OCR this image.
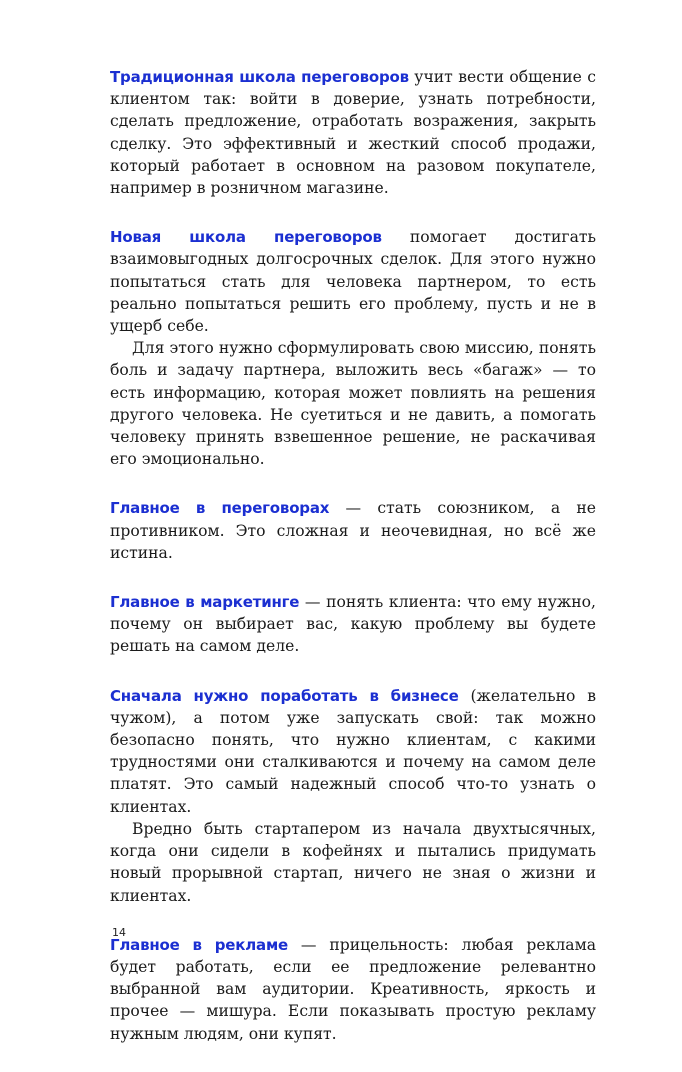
Традиционная школа переговоров учит вести общение с клиентом так: войти в доверие, узнать потребности, сделать предложение, отработать возражения, закрыть сделку. Это эффективный и жесткий способ продажи, который работает в основном на разовом покупателе, например в розничном магазине.

Новая школа переговоров помогает достигать взаимовыгодных долгосрочных сделок. Для этого нужно попытаться стать для человека партнером, то есть реально попытаться решить его проблему, пусть и не в ущерб себе.

Для этого нужно сформулировать свою миссию, понять боль и задачу партнера, выложить весь «багаж» — то есть информацию, которая может повлиять на решения другого человека. Не суетиться и не давить, а помогать человеку принять взвешенное решение, не раскачивая его эмоционально.

Главное в переговорах — стать союзником, а не противником. Это сложная и неочевидная, но всё же истина.

Главное в маркетинге — понять клиента: что ему нужно, почему он выбирает вас, какую проблему вы будете решать на самом деле.

Сначала нужно поработать в бизнесе (желательно в чужом), а потом уже запускать свой: так можно безопасно понять, что нужно клиентам, с какими трудностями они сталкиваются и почему на самом деле платят. Это самый надежный способ что-то узнать о клиентах.

Вредно быть стартапером из начала двухтысячных, когда они сидели в кофейнях и пытались придумать новый прорывной стартап, ничего не зная о жизни и клиентах.

Главное в рекламе — прицельность: любая реклама будет работать, если ее предложение релевантно выбранной вам аудитории. Креативность, яркость и прочее — мишура. Если показывать простую рекламу нужным людям, они купят.

14
